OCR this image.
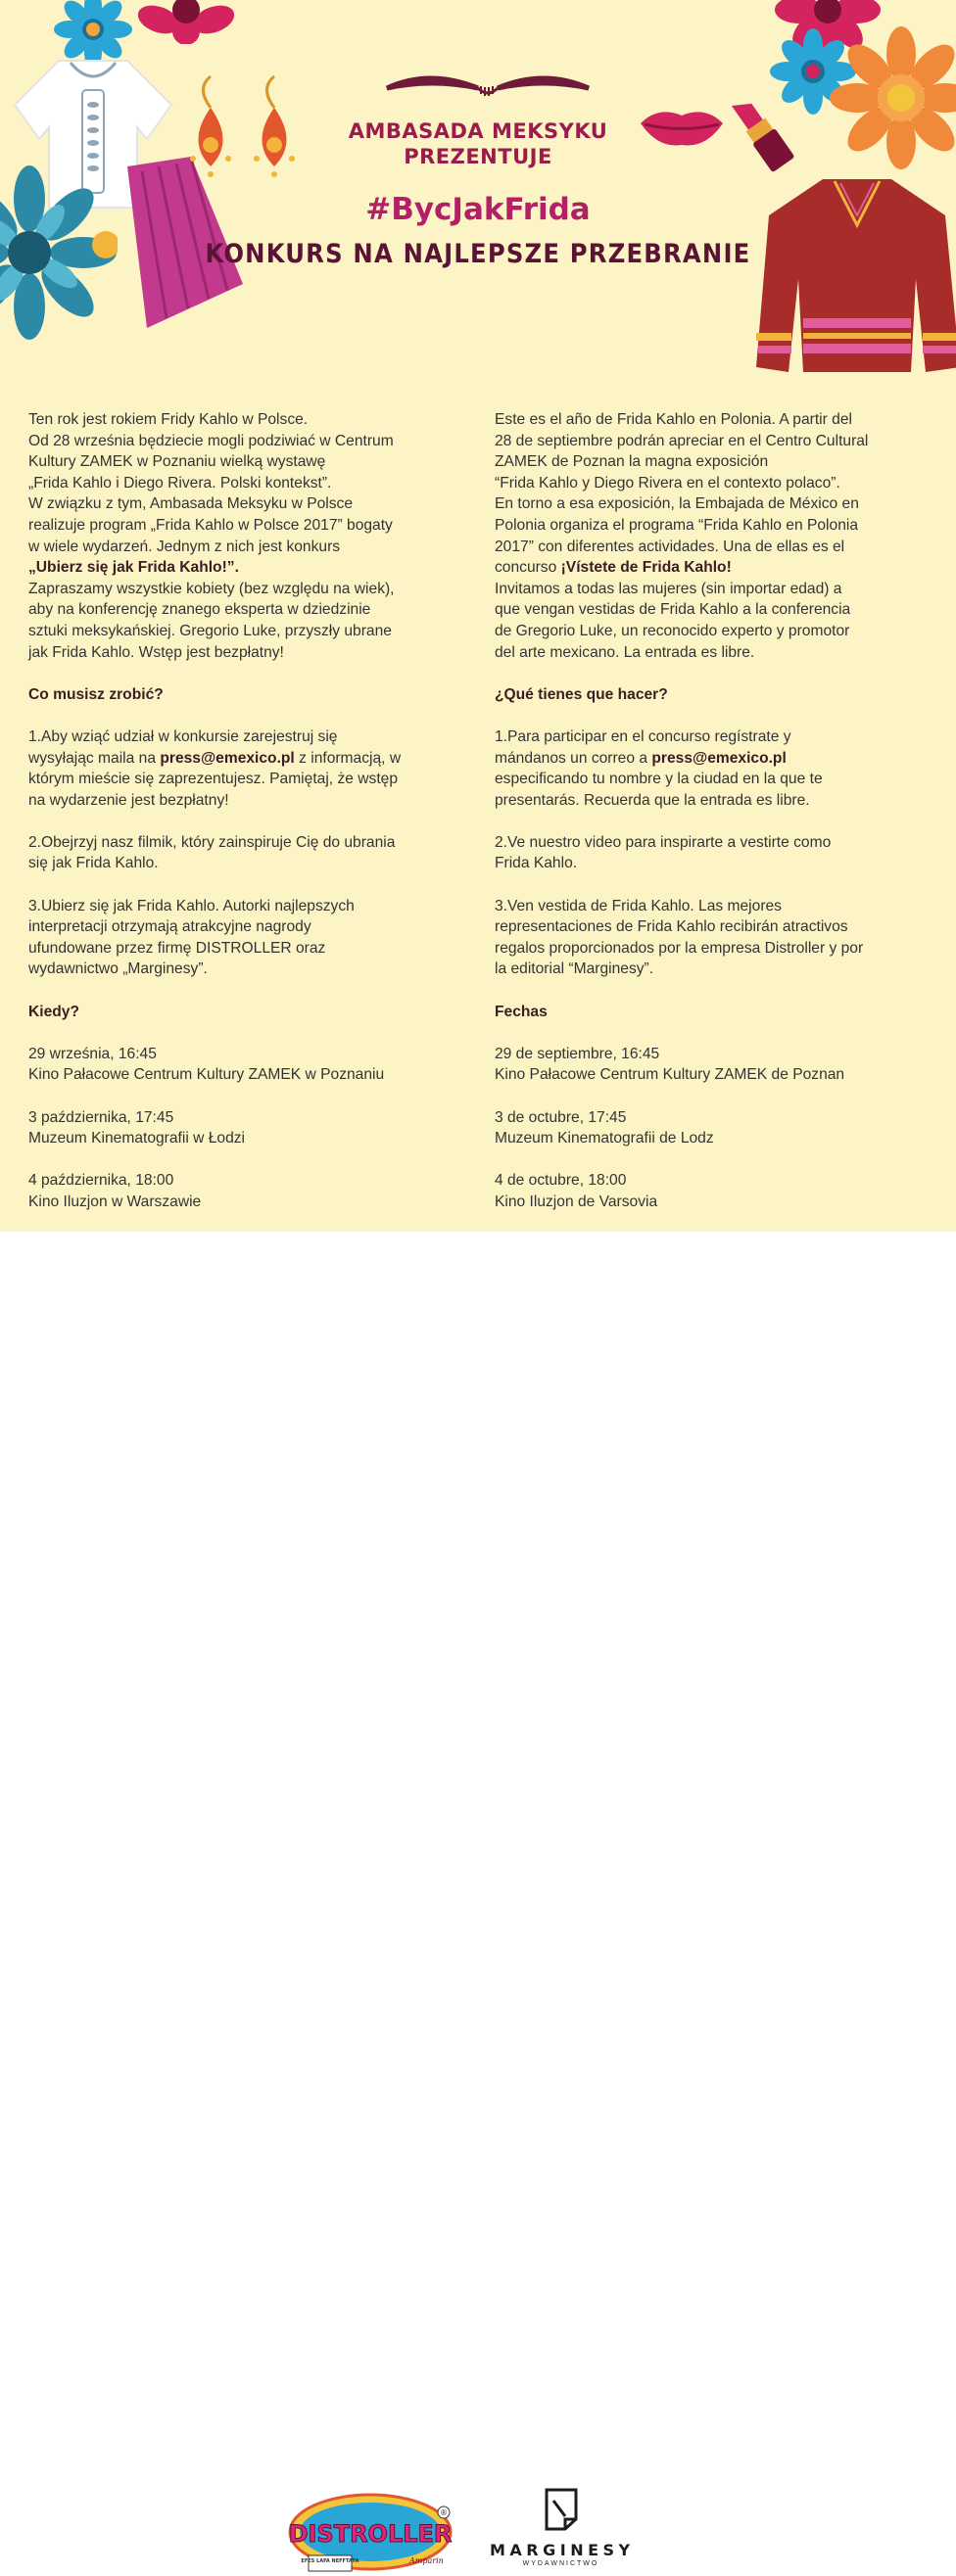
AMBASADA MEKSYKU
PREZENTUJE
#BycJakFrida
KONKURS NA NAJLEPSZE PRZEBRANIE

Ten rok jest rokiem Fridy Kahlo w Polsce.

Od 28 września będziecie mogli podziwiać w Centrum

Kultury ZAMEK w Poznaniu wielką wystawę

„Frida Kahlo i Diego Rivera. Polski kontekst”.

W związku z tym, Ambasada Meksyku w Polsce

realizuje program „Frida Kahlo w Polsce 2017” bogaty

w wiele wydarzeń. Jednym z nich jest konkurs

„Ubierz się jak Frida Kahlo!”.

Zapraszamy wszystkie kobiety (bez względu na wiek),

aby na konferencję znanego eksperta w dziedzinie

sztuki meksykańskiej. Gregorio Luke, przyszły ubrane

jak Frida Kahlo. Wstęp jest bezpłatny!

Co musisz zrobić?

1.Aby wziąć udział w konkursie zarejestruj się

wysyłając maila na press@emexico.pl z informacją, w

którym mieście się zaprezentujesz. Pamiętaj, że wstęp

na wydarzenie jest bezpłatny!

2.Obejrzyj nasz filmik, który zainspiruje Cię do ubrania

się jak Frida Kahlo.

3.Ubierz się jak Frida Kahlo. Autorki najlepszych

interpretacji otrzymają atrakcyjne nagrody

ufundowane przez firmę DISTROLLER oraz

wydawnictwo „Marginesy”.

Kiedy?

29 września, 16:45

Kino Pałacowe Centrum Kultury ZAMEK w Poznaniu

3 października, 17:45

Muzeum Kinematografii w Łodzi

4 października, 18:00

Kino Iluzjon w Warszawie

Este es el año de Frida Kahlo en Polonia. A partir del

28 de septiembre podrán apreciar en el Centro Cultural

ZAMEK de Poznan la magna exposición

“Frida Kahlo y Diego Rivera en el contexto polaco”.

En torno a esa exposición, la Embajada de México en

Polonia organiza el programa “Frida Kahlo en Polonia

2017” con diferentes actividades. Una de ellas es el

concurso ¡Vístete de Frida Kahlo!

Invitamos a todas las mujeres (sin importar edad) a

que vengan vestidas de Frida Kahlo a la conferencia

de Gregorio Luke, un reconocido experto y promotor

del arte mexicano. La entrada es libre.

¿Qué tienes que hacer?

1.Para participar en el concurso regístrate y

mándanos un correo a press@emexico.pl

especificando tu nombre y la ciudad en la que te

presentarás. Recuerda que la entrada es libre.

2.Ve nuestro video para inspirarte a vestirte como

Frida Kahlo.

3.Ven vestida de Frida Kahlo. Las mejores

representaciones de Frida Kahlo recibirán atractivos

regalos proporcionados por la empresa Distroller y por

la editorial “Marginesy”.

Fechas

29 de septiembre, 16:45

Kino Pałacowe Centrum Kultury ZAMEK de Poznan

3 de octubre, 17:45

Muzeum Kinematografii de Lodz

4 de octubre, 18:00

Kino Iluzjon de Varsovia

DISTROLLER
®
EFES LAFA NEFFTAFA	Amparin
MARGINESY
WYDAWNICTWO
